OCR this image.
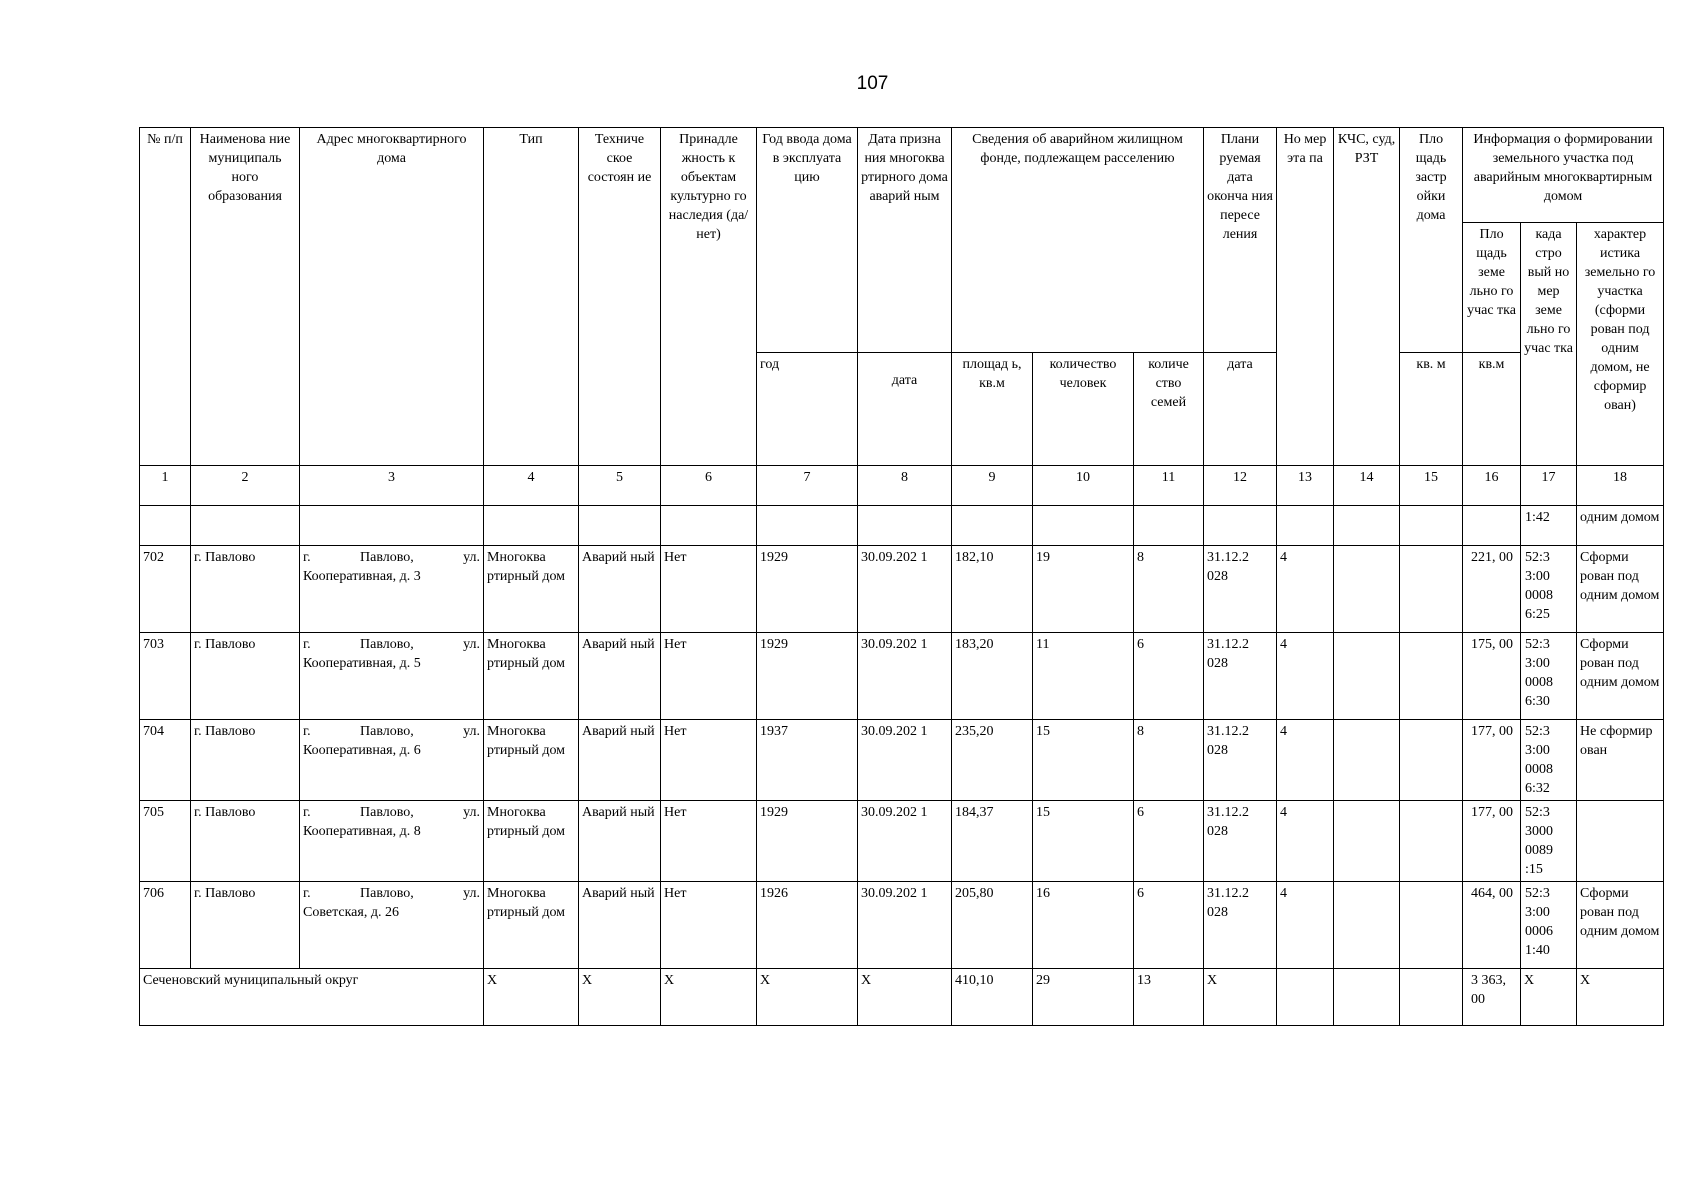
107
№ п/п	Наименова ние муниципаль ного образования	Адрес многоквартирного дома	Тип	Техниче ское состоян ие	Принадле жность к объектам культурно го наследия (да/нет)	Год ввода дома в эксплуата цию	Дата призна ния многоква ртирного дома аварий ным	Сведения об аварийном жилищном фонде, подлежащем расселению			Плани руемая дата оконча ния пересе ления	Но мер эта па	КЧС, суд, РЗТ	Пло щадь застр ойки дома	Информация о формировании земельного участка под аварийным многоквартирным домом		
															Пло щадь земе льно го учас тка	када стро вый но мер земе льно го учас тка	характер истика земельно го участка (сформи рован под одним домом, не сформир ован)
						год	дата	площад ь, кв.м	количество человек	количе ство семей	дата			кв. м	кв.м		
1	2	3	4	5	6	7	8	9	10	11	12	13	14	15	16	17	18
																1:42	одним домом
702	г. Павлово	г. Павлово, ул.
Кооперативная, д. 3	Многоква ртирный дом	Аварий ный	Нет	1929	30.09.202 1	182,10	19	8	31.12.2 028	4			221, 00	52:3 3:00 0008 6:25	Сформи рован под одним домом
703	г. Павлово	г. Павлово, ул.
Кооперативная, д. 5	Многоква ртирный дом	Аварий ный	Нет	1929	30.09.202 1	183,20	11	6	31.12.2 028	4			175, 00	52:3 3:00 0008 6:30	Сформи рован под одним домом
704	г. Павлово	г. Павлово, ул.
Кооперативная, д. 6	Многоква ртирный дом	Аварий ный	Нет	1937	30.09.202 1	235,20	15	8	31.12.2 028	4			177, 00	52:3 3:00 0008 6:32	Не сформир ован
705	г. Павлово	г. Павлово, ул.
Кооперативная, д. 8	Многоква ртирный дом	Аварий ный	Нет	1929	30.09.202 1	184,37	15	6	31.12.2 028	4			177, 00	52:3 3000 0089 :15	
706	г. Павлово	г. Павлово, ул.
Советская, д. 26	Многоква ртирный дом	Аварий ный	Нет	1926	30.09.202 1	205,80	16	6	31.12.2 028	4			464, 00	52:3 3:00 0006 1:40	Сформи рован под одним домом
Сеченовский муниципальный округ			X	X	X	X	X	410,10	29	13	X				3 363, 00	X	X
